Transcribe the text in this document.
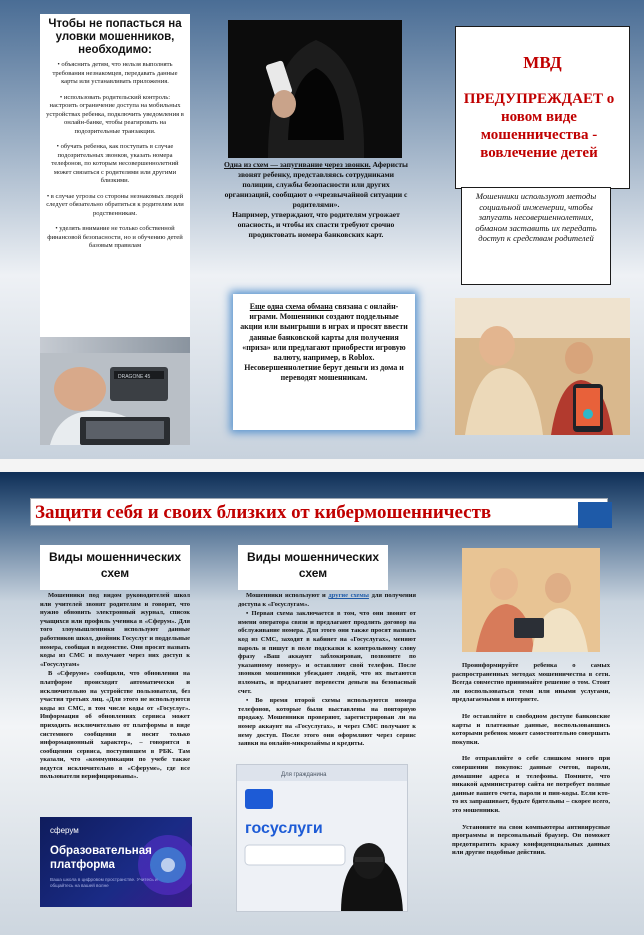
Чтобы не попасться на уловки мошенников, необходимо:
• объяснить детям, что нельзя выполнять требования незнакомцев, передавать данные карты или устанавливать приложения.
• использовать родительский контроль: настроить ограничение доступа на мобильных устройствах ребенка, подключить уведомления в онлайн-банке, чтобы реагировать на подозрительные транзакции.
• обучать ребенка, как поступать в случае подозрительных звонков, указать номера телефонов, по которым несовершеннолетний может связаться с родителями или другими близкими.
• в случае угрозы со стороны незнакомых людей следует обязательно обратиться к родителям или родственникам.
• уделять внимание не только собственной финансовой безопасности, но и обучению детей базовым правилам
DRAGONE 45
Одна из схем — запугивание через звонки. Аферисты звонят ребенку, представляясь сотрудниками полиции, службы безопасности или других организаций, сообщают о «чрезвычайной ситуации с родителями».
Например, утверждают, что родителям угрожает опасность, и чтобы их спасти требуют срочно продиктовать номера банковских карт.
Еще одна схема обмана связана с онлайн-играми. Мошенники создают поддельные акции или выигрыши в играх и просят ввести данные банковской карты для получения «приза» или предлагают приобрести игровую валюту, например, в Roblox. Несовершеннолетние берут деньги из дома и переводят мошенникам.
МВД
ПРЕДУПРЕЖДАЕТ о новом виде мошенничества - вовлечение детей
Мошенники используют методы социальной инженерии, чтобы запугать несовершеннолетних, обманом заставить их передать доступ к средствам родителей
Защити себя и своих близких от кибермошенничеств
Виды мошеннических схем

Мошенники под видом руководителей школ или учителей звонят родителям и говорят, что нужно обновить электронный журнал, список учащихся или профиль ученика в «Сферум». Для того злоумышленники используют данные работников школ, двойник Госуслуг и поддельные номера, сообщая в ведомстве. Они просят назвать коды из СМС и получают через них доступ к «Госуслугам»

В «Сферуме» сообщили, что обновления на платформе происходят автоматически и исключительно на устройстве пользователя, без участия третьих лиц. «Для этого не используются коды из СМС, в том числе коды от «Госуслуг». Информация об обновлениях сервиса может приходить исключительно от платформы в виде системного сообщения и носит только информационный характер», – говорится в сообщении сервиса, поступившем в РБК. Там указали, что «коммуникации по учебе также ведутся исключительно в «Сферуме», где все пользователи верифицированы».

сферум
Образовательная платформа
Ваша школа в цифровом пространстве. Учитесь и общайтесь на вашей волне
Виды мошеннических схем

Мошенники используют и другие схемы для получения доступа к «Госуслугам».

• Первая схема заключается в том, что они звонят от имени оператора связи и предлагают продлить договор на обслуживание номера. Для этого они также просят назвать код из СМС, заходят в кабинет на «Госуслугах», меняют пароль и пишут в поле подсказки к контрольному слову фразу «Ваш аккаунт заблокирован, позвоните по указанному номеру» и оставляют свой телефон. После звонков мошенники убеждают людей, что их пытаются взломать, и предлагают перевести деньги на безопасный счет.

• Во время второй схемы используются номера телефонов, которые были выставлены на повторную продажу. Мошенники проверяют, зарегистрирован ли на номер аккаунт на «Госуслугах», и через СМС получают к нему доступ. После этого они оформляют через сервис заявки на онлайн-микрозаймы и кредиты.

Для гражданина
госуслуги

Проинформируйте ребенка о самых распространенных методах мошенничества в сети. Всегда совместно принимайте решение о том. Стоит ли воспользоваться теми или иными услугами, предлагаемыми в интернете.

Не оставляйте в свободном доступе банковские карты и платежные данные, воспользовавшись которыми ребенок может самостоятельно совершать покупки.

Не отправляйте о себе слишком много при совершении покупок: данные счетов, пароли, домашние адреса и телефоны. Помните, что никакой администратор сайта не потребует полные данные вашего счета, пароли и пин-коды. Если кто-то их запрашивает, будьте бдительны – скорее всего, это мошенники.

Установите на свои компьютеры антивирусные программы и персональный браузер. Он поможет предотвратить кражу конфиденциальных данных или другие подобные действия.
